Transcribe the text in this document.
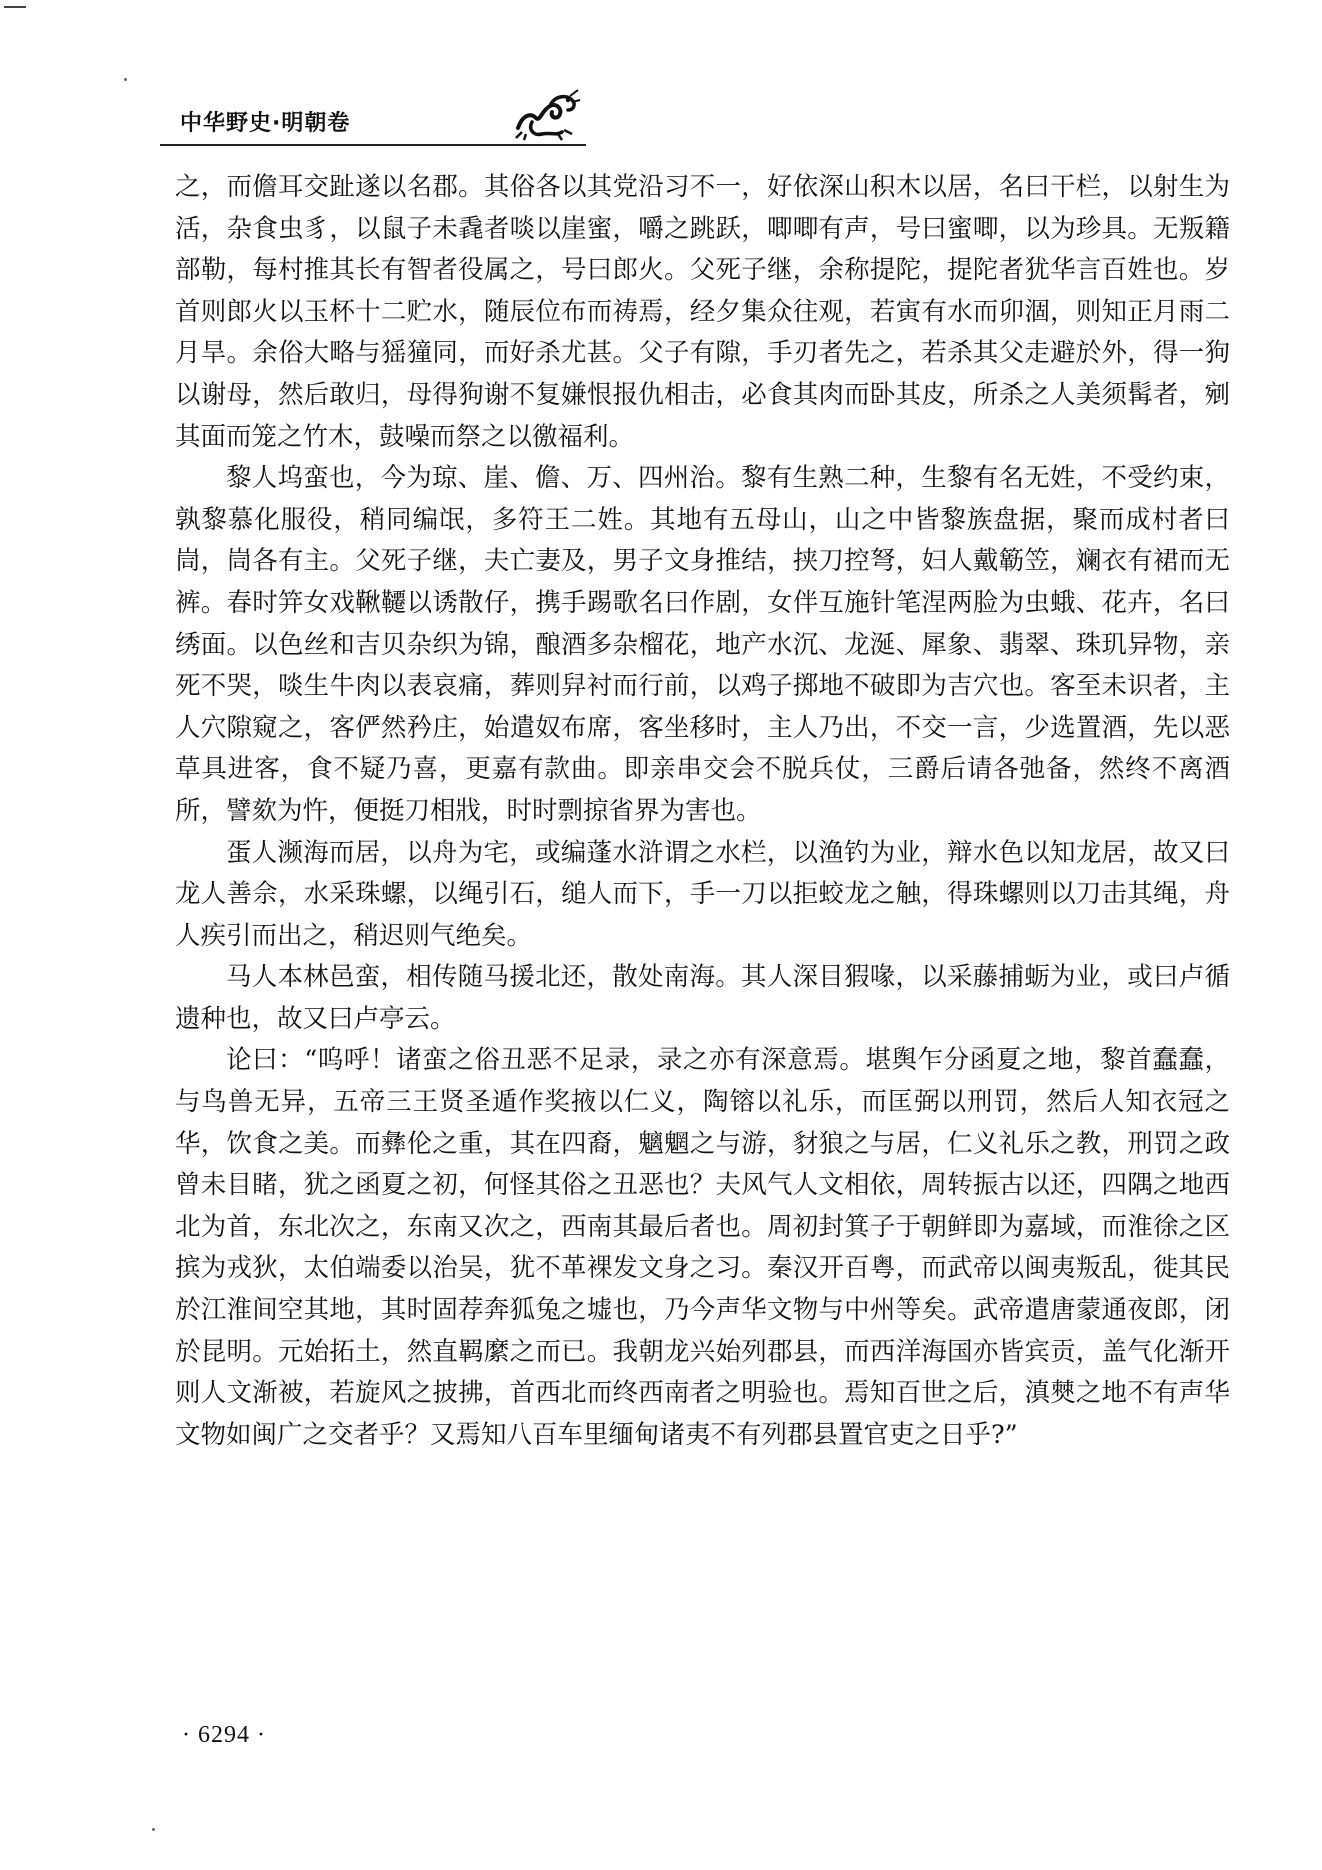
中华野史·明朝卷

之，而儋耳交趾遂以名郡。其俗各以其党沿习不一，好依深山积木以居，名曰干栏，以射生为活，杂食虫豸，以鼠子未毳者啖以崖蜜，嚼之跳跃，唧唧有声，号曰蜜唧，以为珍具。无叛籍部勒，每村推其长有智者役属之，号曰郎火。父死子继，余称提陀，提陀者犹华言百姓也。岁首则郎火以玉杯十二贮水，随辰位布而祷焉，经夕集众往观，若寅有水而卯涸，则知正月雨二月旱。余俗大略与猺獞同，而好杀尤甚。父子有隙，手刃者先之，若杀其父走避於外，得一狗以谢母，然后敢归，母得狗谢不复嫌恨报仇相击，必食其肉而卧其皮，所杀之人美须髯者，剜其面而笼之竹木，鼓噪而祭之以徼福利。

黎人坞蛮也，今为琼、崖、儋、万、四州治。黎有生熟二种，生黎有名无姓，不受约束，孰黎慕化服役，稍同编氓，多符王二姓。其地有五母山，山之中皆黎族盘据，聚而成村者曰峝，峝各有主。父死子继，夫亡妻及，男子文身推结，挟刀控弩，妇人戴簕笠，斓衣有裙而无裤。春时笄女戏鞦韆以诱散仔，携手踢歌名曰作剧，女伴互施针笔涅两脸为虫蛾、花卉，名曰绣面。以色丝和吉贝杂织为锦，酿酒多杂榴花，地产水沉、龙涎、犀象、翡翠、珠玑异物，亲死不哭，啖生牛肉以表哀痛，葬则舁衬而行前，以鸡子掷地不破即为吉穴也。客至未识者，主人穴隙窥之，客俨然矜庄，始遣奴布席，客坐移时，主人乃出，不交一言，少选置酒，先以恶草具进客，食不疑乃喜，更嘉有款曲。即亲串交会不脱兵仗，三爵后请各弛备，然终不离酒所，譬欬为忤，便挺刀相戕，时时剽掠省界为害也。

蛋人濒海而居，以舟为宅，或编蓬水浒谓之水栏，以渔钓为业，辩水色以知龙居，故又曰龙人善佘，水采珠螺，以绳引石，缒人而下，手一刀以拒蛟龙之触，得珠螺则以刀击其绳，舟人疾引而出之，稍迟则气绝矣。

马人本林邑蛮，相传随马援北还，散处南海。其人深目猳喙，以采藤捕蛎为业，或曰卢循遗种也，故又曰卢亭云。

论曰：“呜呼！诸蛮之俗丑恶不足录，录之亦有深意焉。堪舆乍分函夏之地，黎首蠢蠢，与鸟兽无异，五帝三王贤圣遁作奖掖以仁义，陶镕以礼乐，而匡弼以刑罚，然后人知衣冠之华，饮食之美。而彝伦之重，其在四裔，魑魍之与游，豺狼之与居，仁义礼乐之教，刑罚之政曾未目睹，犹之函夏之初，何怪其俗之丑恶也？夫风气人文相依，周转振古以还，四隅之地西北为首，东北次之，东南又次之，西南其最后者也。周初封箕子于朝鲜即为嘉域，而淮徐之区摈为戎狄，太伯端委以治吴，犹不革裸发文身之习。秦汉开百粤，而武帝以闽夷叛乱，徙其民於江淮间空其地，其时固荐奔狐兔之墟也，乃今声华文物与中州等矣。武帝遣唐蒙通夜郎，闭於昆明。元始拓土，然直羁縻之而已。我朝龙兴始列郡县，而西洋海国亦皆宾贡，盖气化渐开则人文渐被，若旋风之披拂，首西北而终西南者之明验也。焉知百世之后，滇僰之地不有声华文物如闽广之交者乎？又焉知八百车里缅甸诸夷不有列郡县置官吏之日乎?”

· 6294 ·
